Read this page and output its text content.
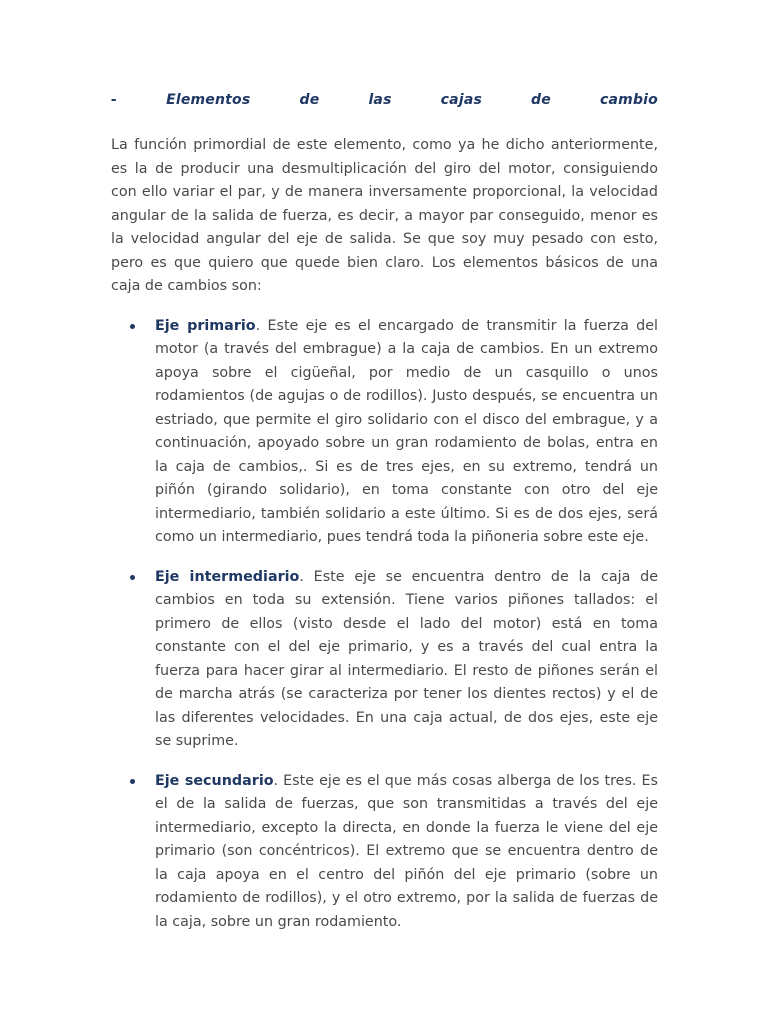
-	Elementos	de	las	cajas	de	cambio

La función primordial de este elemento, como ya he dicho anteriormente, es la de producir una desmultiplicación del giro del motor, consiguiendo con ello variar el par, y de manera inversamente proporcional, la velocidad angular de la salida de fuerza, es decir, a mayor par conseguido, menor es la velocidad angular del eje de salida. Se que soy muy pesado con esto, pero es que quiero que quede bien claro. Los elementos básicos de una caja de cambios son:

Eje primario. Este eje es el encargado de transmitir la fuerza del motor (a través del embrague) a la caja de cambios. En un extremo apoya sobre el cigüeñal, por medio de un casquillo o unos rodamientos (de agujas o de rodillos). Justo después, se encuentra un estriado, que permite el giro solidario con el disco del embrague, y a continuación, apoyado sobre un gran rodamiento de bolas, entra en la caja de cambios,. Si es de tres ejes, en su extremo, tendrá un piñón (girando solidario), en toma constante con otro del eje intermediario, también solidario a este último. Si es de dos ejes, será como un intermediario, pues tendrá toda la piñoneria sobre este eje.
Eje intermediario. Este eje se encuentra dentro de la caja de cambios en toda su extensión. Tiene varios piñones tallados: el primero de ellos (visto desde el lado del motor) está en toma constante con el del eje primario, y es a través del cual entra la fuerza para hacer girar al intermediario. El resto de piñones serán el de marcha atrás (se caracteriza por tener los dientes rectos) y el de las diferentes velocidades. En una caja actual, de dos ejes, este eje se suprime.
Eje secundario. Este eje es el que más cosas alberga de los tres. Es el de la salida de fuerzas, que son transmitidas a través del eje intermediario, excepto la directa, en donde la fuerza le viene del eje primario (son concéntricos). El extremo que se encuentra dentro de la caja apoya en el centro del piñón del eje primario (sobre un rodamiento de rodillos), y el otro extremo, por la salida de fuerzas de la caja, sobre un gran rodamiento.
